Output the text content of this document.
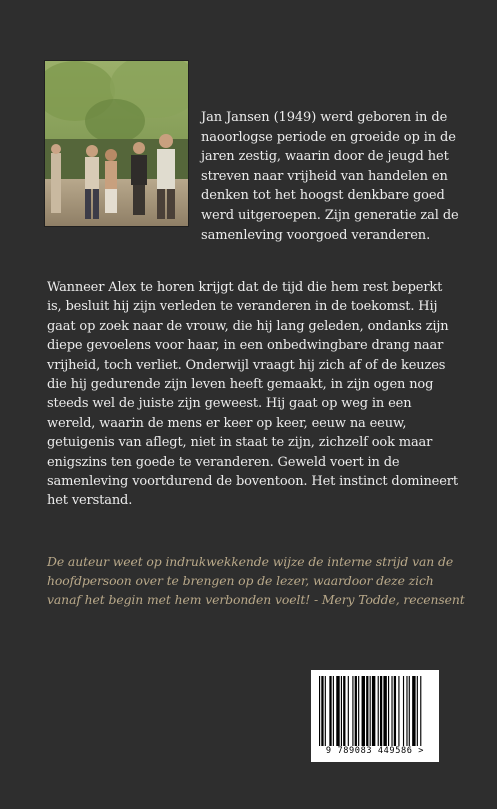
Jan Jansen (1949) werd geboren in de naoorlogse periode en groeide op in de jaren zestig, waarin door de jeugd het streven naar vrijheid van handelen en denken tot het hoogst denkbare goed werd uitgeroepen. Zijn generatie zal de samenleving voorgoed veranderen.

Wanneer Alex te horen krijgt dat de tijd die hem rest beperkt is, besluit hij zijn verleden te veranderen in de toekomst. Hij gaat op zoek naar de vrouw, die hij lang geleden, ondanks zijn diepe gevoelens voor haar, in een onbedwingbare drang naar vrijheid, toch verliet. Onderwijl vraagt hij zich af of de keuzes die hij gedurende zijn leven heeft gemaakt, in zijn ogen nog steeds wel de juiste zijn geweest. Hij gaat op weg in een wereld, waarin de mens er keer op keer, eeuw na eeuw, getuigenis van aflegt, niet in staat te zijn, zichzelf ook maar enigszins ten goede te veranderen. Geweld voert in de samenleving voortdurend de boventoon. Het instinct domineert het verstand.

De auteur weet op indrukwekkende wijze de interne strijd van de hoofdpersoon over te brengen op de lezer, waardoor deze zich vanaf het begin met hem verbonden voelt! - Mery Todde, recensent

9 789083 449586 >
